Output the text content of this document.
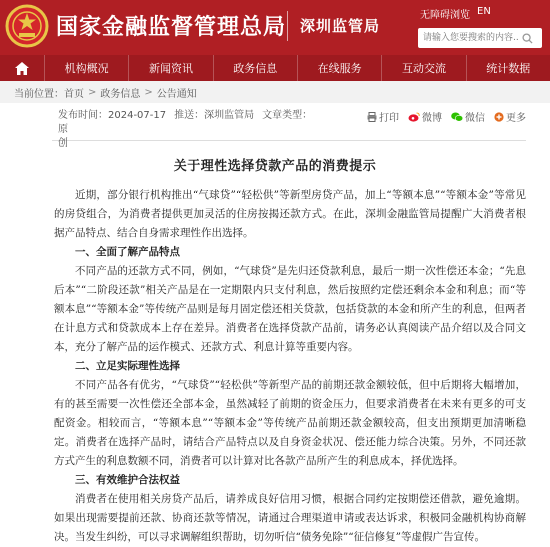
国家金融监督管理总局 深圳监管局
无障碍浏览 EN
请输入您要搜索的内容...
机构概况	新闻资讯	政务信息	在线服务	互动交流	统计数据
当前位置： 首页 > 政务信息 > 公告通知
发布时间：2024-07-17 推送：深圳监管局 文章类型：原
创
打印 微博 微信 更多
关于理性选择贷款产品的消费提示

近期，部分银行机构推出“气球贷”“轻松供”等新型房贷产品，加上“等额本息”“等额本金”等常见的房贷组合，为消费者提供更加灵活的住房按揭还款方式。在此，深圳金融监管局提醒广大消费者根据产品特点、结合自身需求理性作出选择。

一、全面了解产品特点

不同产品的还款方式不同，例如，“气球贷”是先归还贷款利息，最后一期一次性偿还本金；“先息后本”“二阶段还款”相关产品是在一定期限内只支付利息，然后按照约定偿还剩余本金和利息；而“等额本息”“等额本金”等传统产品则是每月固定偿还相关贷款，包括贷款的本金和所产生的利息，但两者在计息方式和贷款成本上存在差异。消费者在选择贷款产品前，请务必认真阅读产品介绍以及合同文本，充分了解产品的运作模式、还款方式、利息计算等重要内容。

二、立足实际理性选择

不同产品各有优劣，“气球贷”“轻松供”等新型产品的前期还款金额较低，但中后期将大幅增加，有的甚至需要一次性偿还全部本金，虽然减轻了前期的资金压力，但要求消费者在未来有更多的可支配资金。相较而言，“等额本息”“等额本金”等传统产品前期还款金额较高，但支出预期更加清晰稳定。消费者在选择产品时，请结合产品特点以及自身资金状况、偿还能力综合决策。另外，不同还款方式产生的利息数额不同，消费者可以计算对比各款产品所产生的利息成本，择优选择。

三、有效维护合法权益

消费者在使用相关房贷产品后，请养成良好信用习惯，根据合同约定按期偿还借款，避免逾期。如果出现需要提前还款、协商还款等情况，请通过合理渠道申请或表达诉求，积极同金融机构协商解决。当发生纠纷，可以寻求调解组织帮助，切勿听信“债务免除”“征信修复”等虚假广告宣传。
